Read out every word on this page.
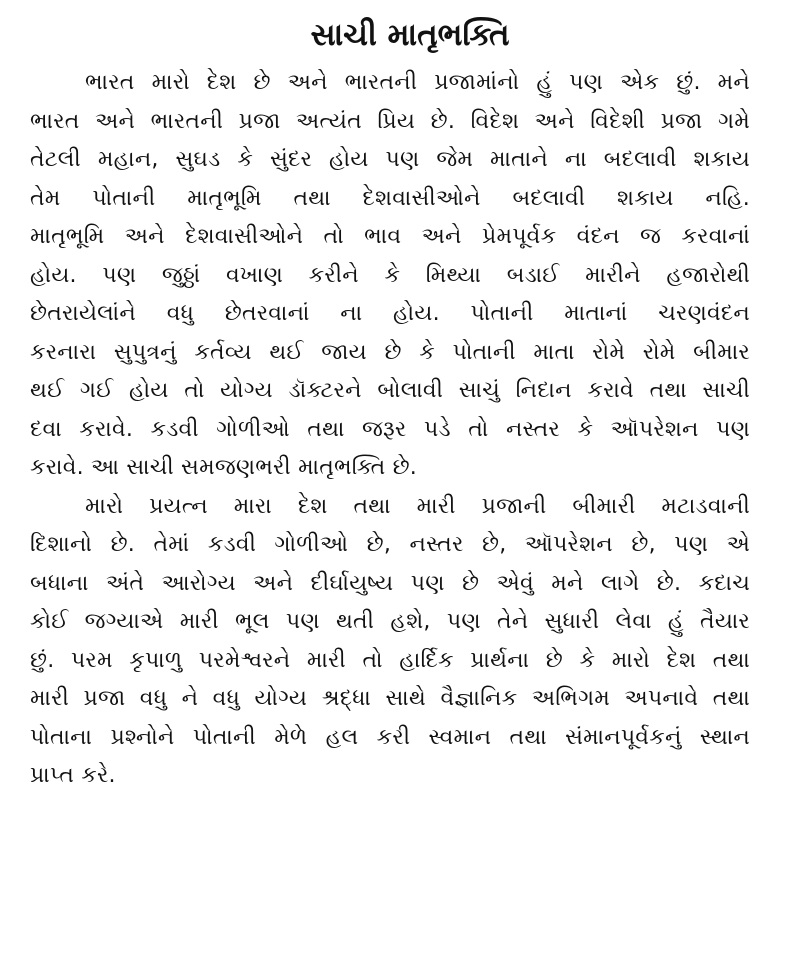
સાચી માતૃભક્તિ
ભારત મારો દેશ છે અને ભારતની પ્રજામાંનો હું પણ એક છું. મને
ભારત અને ભારતની પ્રજા અત્યંત પ્રિય છે. વિદેશ અને વિદેશી પ્રજા ગમે
તેટલી મહાન, સુઘડ કે સુંદર હોય પણ જેમ માતાને ના બદલાવી શકાય
તેમ પોતાની માતૃભૂમિ તથા દેશવાસીઓને બદલાવી શકાય નહિ.
માતૃભૂમિ અને દેશવાસીઓને તો ભાવ અને પ્રેમપૂર્વક વંદન જ કરવાનાં
હોય. પણ જુઠ્ઠાં વખાણ કરીને કે મિથ્યા બડાઈ મારીને હજારોથી
છેતરાયેલાંને વધુ છેતરવાનાં ના હોય. પોતાની માતાનાં ચરણવંદન
કરનારા સુપુત્રનું કર્તવ્ય થઈ જાય છે કે પોતાની માતા રોમે રોમે બીમાર
થઈ ગઈ હોય તો યોગ્ય ડૉક્ટરને બોલાવી સાચું નિદાન કરાવે તથા સાચી
દવા કરાવે. કડવી ગોળીઓ તથા જરૂર પડે તો નસ્તર કે ઑપરેશન પણ
કરાવે. આ સાચી સમજણભરી માતૃભક્તિ છે.
મારો પ્રયત્ન મારા દેશ તથા મારી પ્રજાની બીમારી મટાડવાની
દિશાનો છે. તેમાં કડવી ગોળીઓ છે, નસ્તર છે, ઑપરેશન છે, પણ એ
બધાના અંતે આરોગ્ય અને દીર્ઘાયુષ્ય પણ છે એવું મને લાગે છે. કદાચ
કોઈ જગ્યાએ મારી ભૂલ પણ થતી હશે, પણ તેને સુધારી લેવા હું તૈયાર
છું. પરમ કૃપાળુ પરમેશ્વરને મારી તો હાર્દિક પ્રાર્થના છે કે મારો દેશ તથા
મારી પ્રજા વધુ ને વધુ યોગ્ય શ્રદ્ધા સાથે વૈજ્ઞાનિક અભિગમ અપનાવે તથા
પોતાના પ્રશ્નોને પોતાની મેળે હલ કરી સ્વમાન તથા સંમાનપૂર્વકનું સ્થાન
પ્રાપ્ત કરે.
